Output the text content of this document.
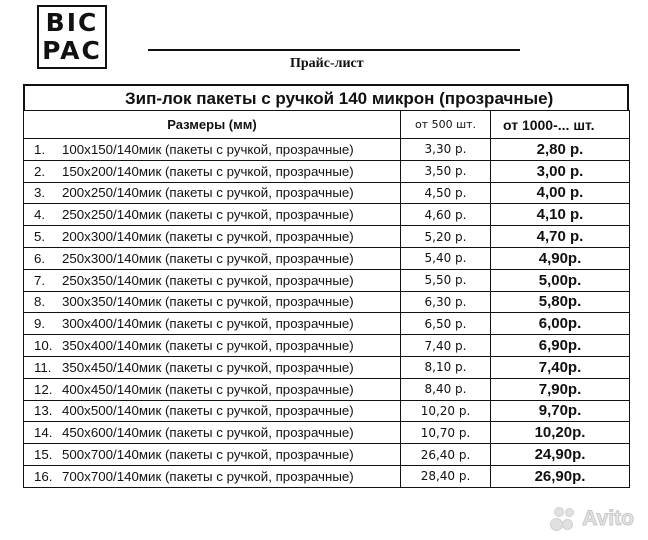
BIC
PAC	Прайс-лист
Зип-лок пакеты с ручкой 140 микрон (прозрачные)
Размеры (мм)	от 500 шт.	от 1000-... шт.
1. 100х150/140мик (пакеты с ручкой, прозрачные)	3,30 р.	2,80 р.
2. 150х200/140мик (пакеты с ручкой, прозрачные)	3,50 р.	3,00 р.
3. 200х250/140мик (пакеты с ручкой, прозрачные)	4,50 р.	4,00 р.
4. 250х250/140мик (пакеты с ручкой, прозрачные)	4,60 р.	4,10 р.
5. 200х300/140мик (пакеты с ручкой, прозрачные)	5,20 р.	4,70 р.
6. 250х300/140мик (пакеты с ручкой, прозрачные)	5,40 р.	4,90р.
7. 250х350/140мик (пакеты с ручкой, прозрачные)	5,50 р.	5,00р.
8. 300х350/140мик (пакеты с ручкой, прозрачные)	6,30 р.	5,80р.
9. 300х400/140мик (пакеты с ручкой, прозрачные)	6,50 р.	6,00р.
10. 350х400/140мик (пакеты с ручкой, прозрачные)	7,40 р.	6,90р.
11. 350х450/140мик (пакеты с ручкой, прозрачные)	8,10 р.	7,40р.
12. 400х450/140мик (пакеты с ручкой, прозрачные)	8,40 р.	7,90р.
13. 400х500/140мик (пакеты с ручкой, прозрачные)	10,20 р.	9,70р.
14. 450х600/140мик (пакеты с ручкой, прозрачные)	10,70 р.	10,20р.
15. 500х700/140мик (пакеты с ручкой, прозрачные)	26,40 р.	24,90р.
16. 700х700/140мик (пакеты с ручкой, прозрачные)	28,40 р.	26,90р.
Avito
